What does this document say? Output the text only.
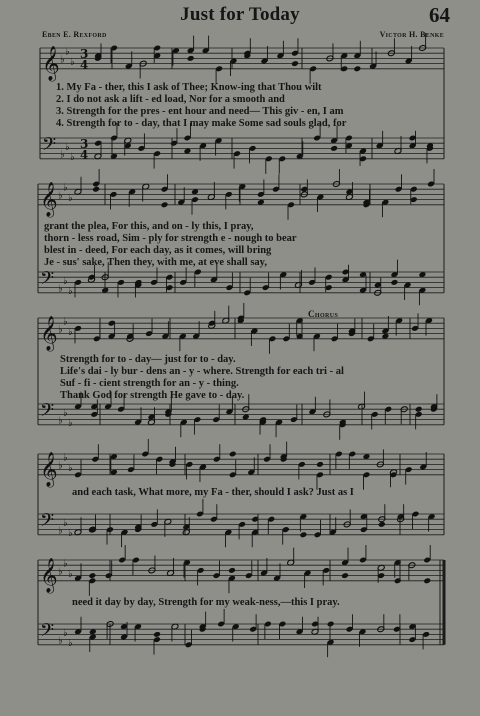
Just for Today	64
Eben E. Rexford	Victor H. Benke
Chorus
𝄞 ♭
♭
♭
3
4
𝄢 ♭
♭
♭
3
4
𝄞 ♭
♭
♭
𝄢 ♭
♭
♭
𝄞 ♭
♭
♭
𝄢 ♭
♭
♭
𝄞 ♭
♭
♭
𝄢 ♭
♭
♭
𝄞 ♭
♭
♭
𝄢 ♭
♭
♭
1. My Fa - ther, this I ask of Thee; Know-ing that Thou wilt
2. I do not ask a lift - ed load, Nor for a smooth and
3. Strength for the pres - ent hour and need— This giv - en, I am
4. Strength for to - day, that I may make Some sad souls glad, for
grant the plea, For this, and on - ly this, I pray,
thorn - less road, Sim - ply for strength e - nough to bear
blest in - deed, For each day, as it comes, will bring
Je - sus' sake, Then they, with me, at eve shall say,
Strength for to - day— just for to - day.
Life's dai - ly bur - dens an - y - where. Strength for each tri - al
Suf - fi - cient strength for an - y - thing.
Thank God for strength He gave to - day.
and each task, What more, my Fa - ther, should I ask? Just as I
need it day by day, Strength for my weak-ness,—this I pray.
